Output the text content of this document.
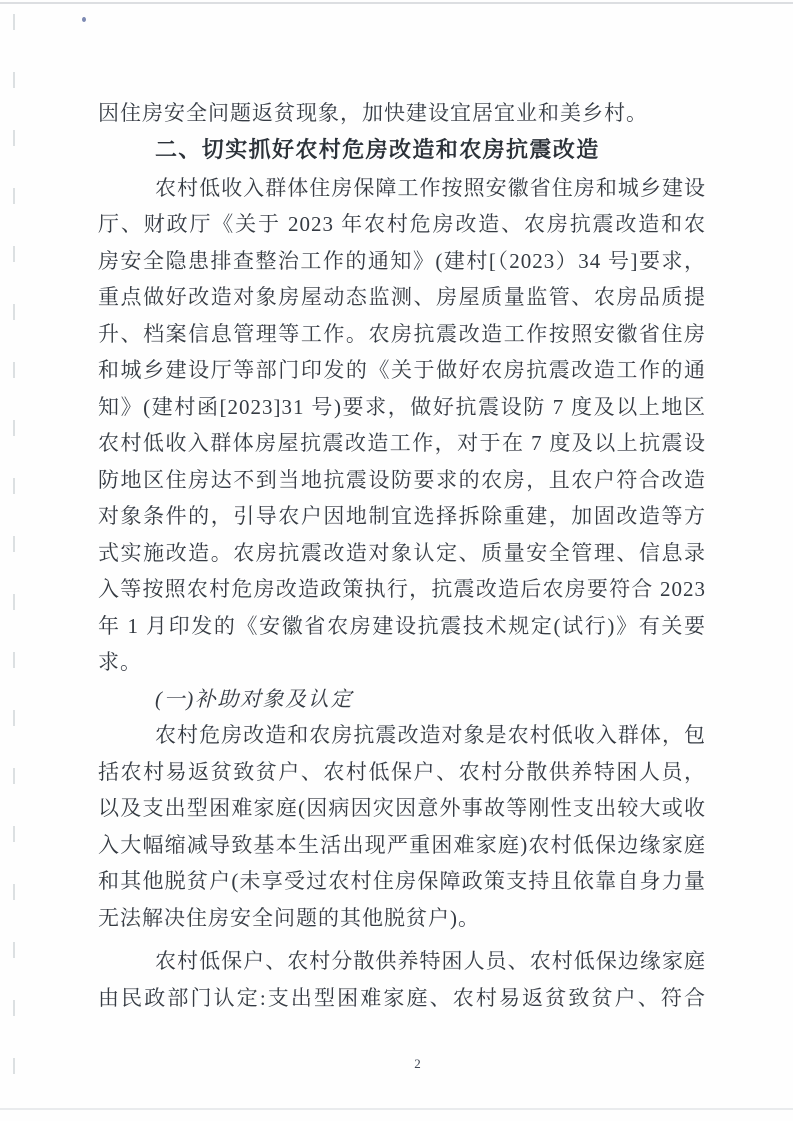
因住房安全问题返贫现象，加快建设宜居宜业和美乡村。

二、切实抓好农村危房改造和农房抗震改造

农村低收入群体住房保障工作按照安徽省住房和城乡建设厅、财政厅《关于 2023 年农村危房改造、农房抗震改造和农房安全隐患排查整治工作的通知》(建村[（2023）34 号]要求，重点做好改造对象房屋动态监测、房屋质量监管、农房品质提升、档案信息管理等工作。农房抗震改造工作按照安徽省住房和城乡建设厅等部门印发的《关于做好农房抗震改造工作的通知》(建村函[2023]31 号)要求，做好抗震设防 7 度及以上地区农村低收入群体房屋抗震改造工作，对于在 7 度及以上抗震设防地区住房达不到当地抗震设防要求的农房，且农户符合改造对象条件的，引导农户因地制宜选择拆除重建，加固改造等方式实施改造。农房抗震改造对象认定、质量安全管理、信息录入等按照农村危房改造政策执行，抗震改造后农房要符合 2023 年 1 月印发的《安徽省农房建设抗震技术规定(试行)》有关要求。

(一)补助对象及认定

农村危房改造和农房抗震改造对象是农村低收入群体，包括农村易返贫致贫户、农村低保户、农村分散供养特困人员，以及支出型困难家庭(因病因灾因意外事故等刚性支出较大或收入大幅缩减导致基本生活出现严重困难家庭)农村低保边缘家庭和其他脱贫户(未享受过农村住房保障政策支持且依靠自身力量无法解决住房安全问题的其他脱贫户)。

农村低保户、农村分散供养特困人员、农村低保边缘家庭由民政部门认定:支出型困难家庭、农村易返贫致贫户、符合

2
